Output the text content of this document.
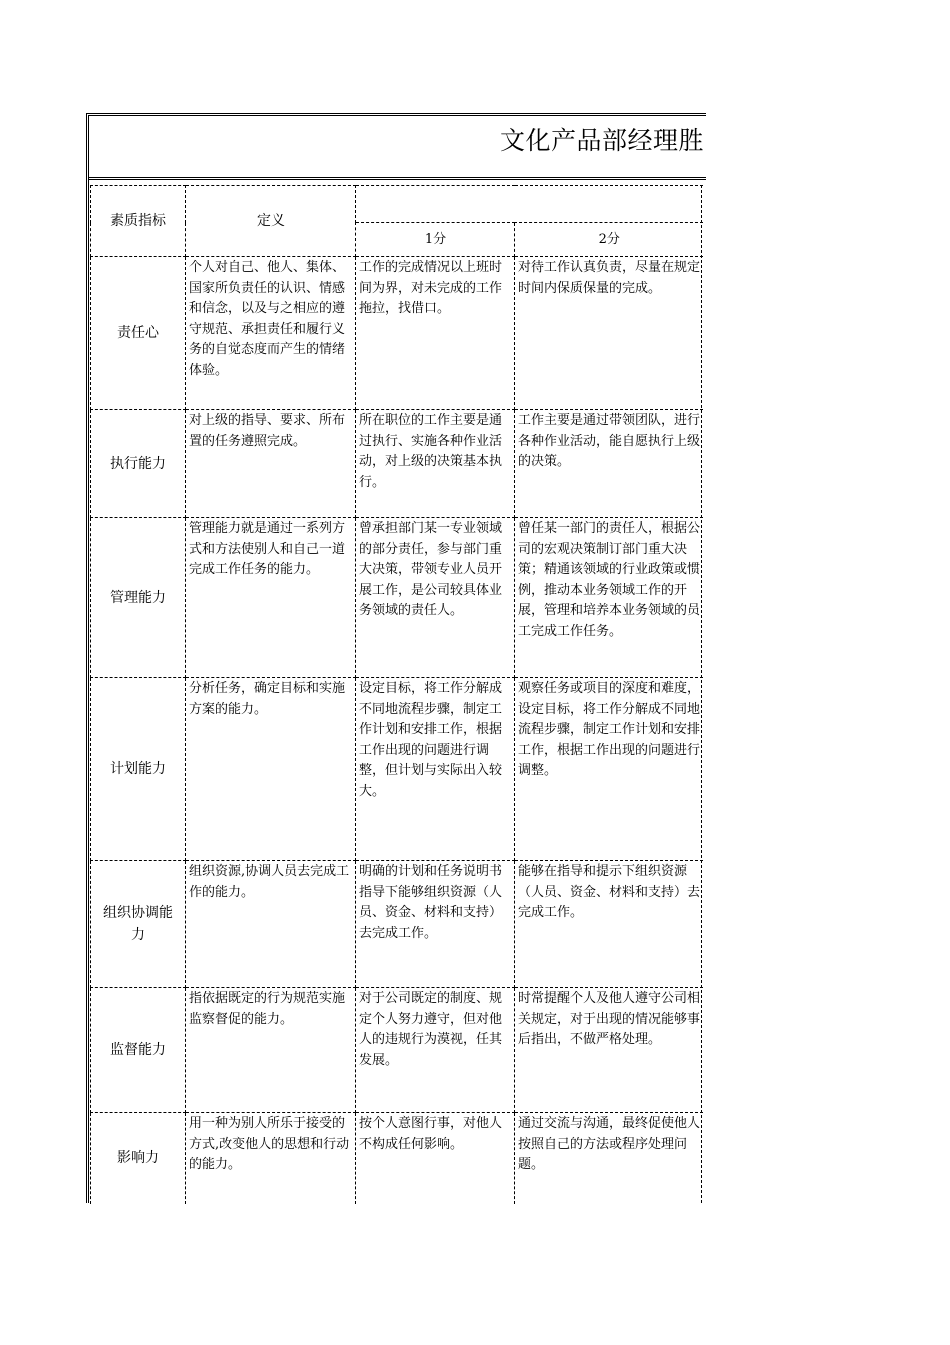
文化产品部经理胜
素质指标	定义		
		1分	2分
责任心	个人对自己、他人、集体、国家所负责任的认识、情感和信念，以及与之相应的遵守规范、承担责任和履行义务的自觉态度而产生的情绪体验。	工作的完成情况以上班时间为界，对未完成的工作拖拉，找借口。	对待工作认真负责，尽量在规定时间内保质保量的完成。
执行能力	对上级的指导、要求、所布置的任务遵照完成。	所在职位的工作主要是通过执行、实施各种作业活动，对上级的决策基本执行。	工作主要是通过带领团队，进行各种作业活动，能自愿执行上级的决策。
管理能力	管理能力就是通过一系列方式和方法使别人和自己一道完成工作任务的能力。	曾承担部门某一专业领域的部分责任，参与部门重大决策，带领专业人员开展工作，是公司较具体业务领域的责任人。	曾任某一部门的责任人，根据公司的宏观决策制订部门重大决策；精通该领域的行业政策或惯例，推动本业务领域工作的开展，管理和培养本业务领域的员工完成工作任务。
计划能力	分析任务，确定目标和实施方案的能力。	设定目标，将工作分解成不同地流程步骤，制定工作计划和安排工作，根据工作出现的问题进行调整，但计划与实际出入较大。	观察任务或项目的深度和难度，设定目标，将工作分解成不同地流程步骤，制定工作计划和安排工作，根据工作出现的问题进行调整。
组织协调能力	组织资源,协调人员去完成工作的能力。	明确的计划和任务说明书指导下能够组织资源（人员、资金、材料和支持）去完成工作。	能够在指导和提示下组织资源（人员、资金、材料和支持）去完成工作。
监督能力	指依据既定的行为规范实施监察督促的能力。	对于公司既定的制度、规定个人努力遵守，但对他人的违规行为漠视，任其发展。	时常提醒个人及他人遵守公司相关规定，对于出现的情况能够事后指出，不做严格处理。
影响力	用一种为别人所乐于接受的方式,改变他人的思想和行动的能力。	按个人意图行事，对他人不构成任何影响。	通过交流与沟通，最终促使他人按照自己的方法或程序处理问题。
